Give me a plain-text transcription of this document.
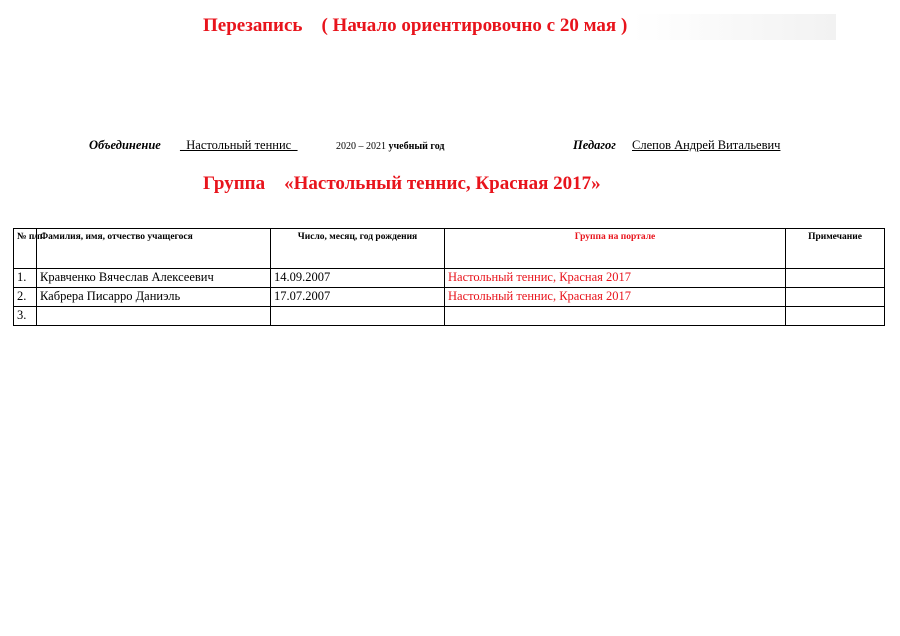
Перезапись    ( Начало ориентировочно с 20 мая )
Объединение _Настольный теннис_	2020 – 2021 учебный год	Педагог Слепов Андрей Витальевич
Группа    «Настольный теннис, Красная 2017»
№ п/п	Фамилия, имя, отчество учащегося	Число, месяц, год рождения	Группа на портале	Примечание
1.	Кравченко Вячеслав Алексеевич	14.09.2007	Настольный теннис, Красная 2017	
2.	Кабрера Писарро Даниэль	17.07.2007	Настольный теннис, Красная 2017	
3.				
